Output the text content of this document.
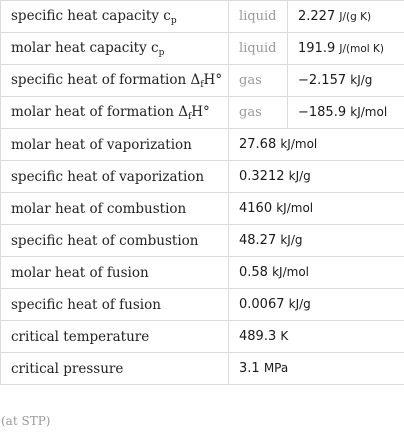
specific heat capacity $c_p$	liquid	2.227 J/(g K)
molar heat capacity $c_p$	liquid	191.9 J/(mol K)
specific heat of formation $\Delta_fH^\circ$	gas	−2.157 kJ/g
molar heat of formation $\Delta_fH^\circ$	gas	−185.9 kJ/mol
molar heat of vaporization	27.68 kJ/mol	
specific heat of vaporization	0.3212 kJ/g	
molar heat of combustion	4160 kJ/mol	
specific heat of combustion	48.27 kJ/g	
molar heat of fusion	0.58 kJ/mol	
specific heat of fusion	0.0067 kJ/g	
critical temperature	489.3 K	
critical pressure	3.1 MPa	
(at STP)
